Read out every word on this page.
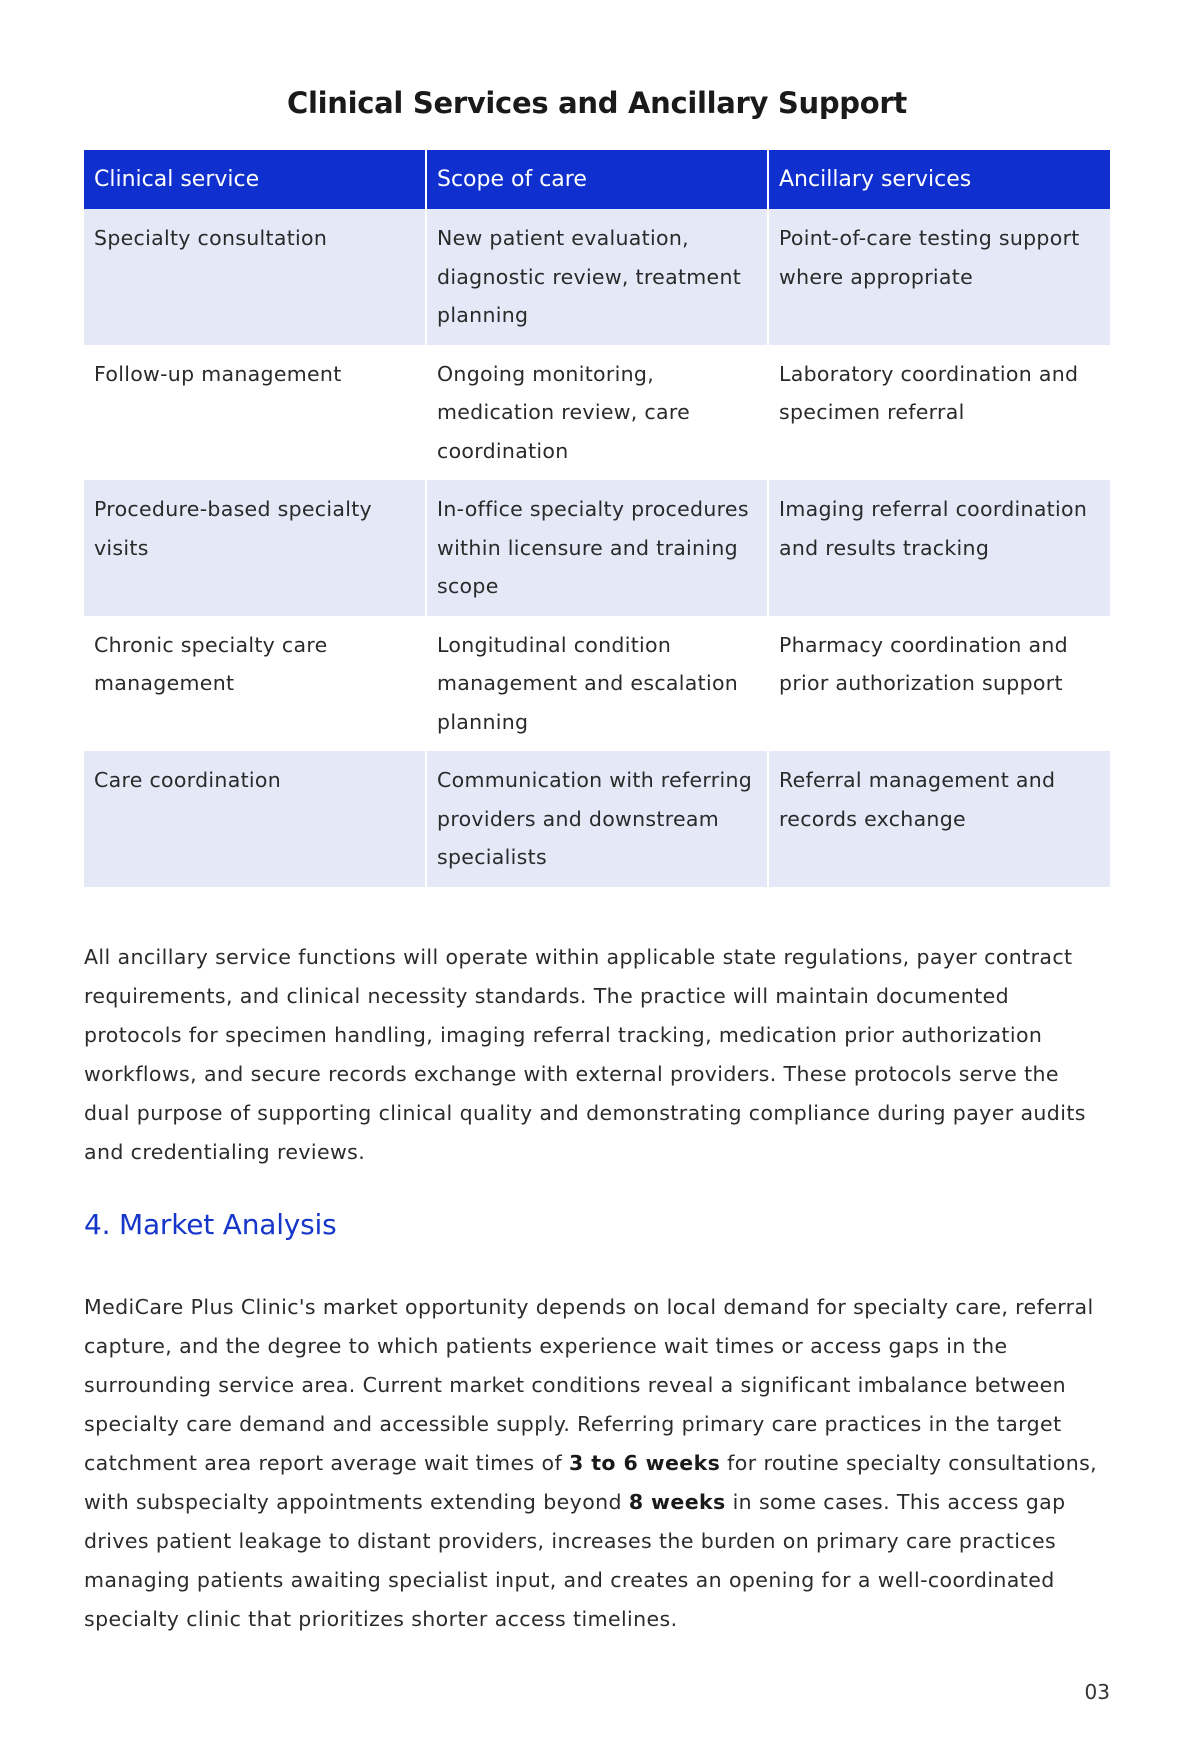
Clinical Services and Ancillary Support
Clinical service	Scope of care	Ancillary services
Specialty consultation	New patient evaluation, diagnostic review, treatment planning	Point-of-care testing support where appropriate
Follow-up management	Ongoing monitoring, medication review, care coordination	Laboratory coordination and specimen referral
Procedure-based specialty visits	In-office specialty procedures within licensure and training scope	Imaging referral coordination and results tracking
Chronic specialty care management	Longitudinal condition management and escalation planning	Pharmacy coordination and prior authorization support
Care coordination	Communication with referring providers and downstream specialists	Referral management and records exchange

All ancillary service functions will operate within applicable state regulations, payer contract requirements, and clinical necessity standards. The practice will maintain documented protocols for specimen handling, imaging referral tracking, medication prior authorization workflows, and secure records exchange with external providers. These protocols serve the dual purpose of supporting clinical quality and demonstrating compliance during payer audits and credentialing reviews.

4. Market Analysis

MediCare Plus Clinic's market opportunity depends on local demand for specialty care, referral capture, and the degree to which patients experience wait times or access gaps in the surrounding service area. Current market conditions reveal a significant imbalance between specialty care demand and accessible supply. Referring primary care practices in the target catchment area report average wait times of 3 to 6 weeks for routine specialty consultations, with subspecialty appointments extending beyond 8 weeks in some cases. This access gap drives patient leakage to distant providers, increases the burden on primary care practices managing patients awaiting specialist input, and creates an opening for a well-coordinated specialty clinic that prioritizes shorter access timelines.

03
